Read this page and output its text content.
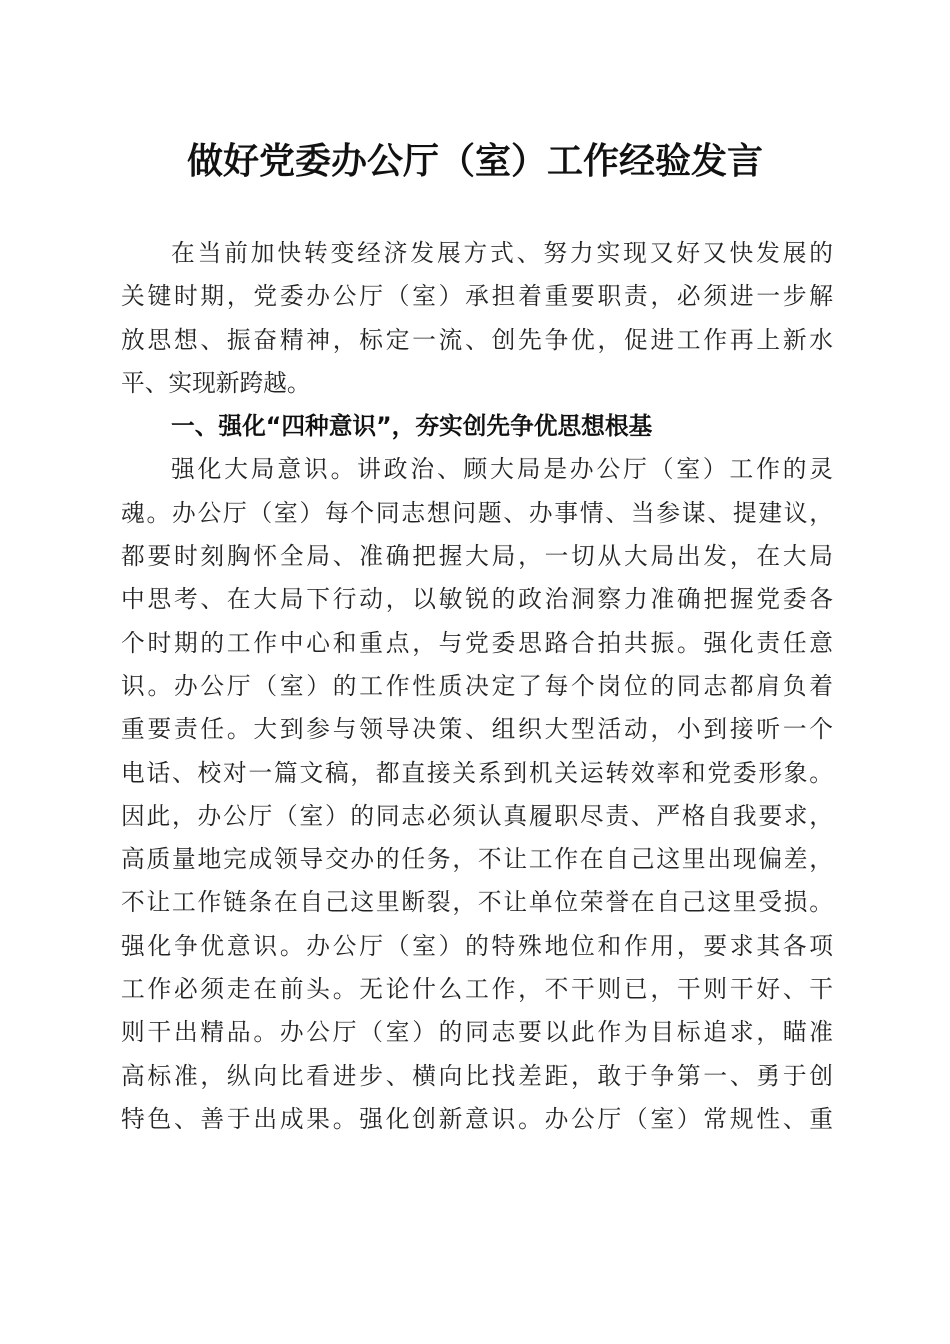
做好党委办公厅（室）工作经验发言
在当前加快转变经济发展方式、努力实现又好又快发展的
关键时期，党委办公厅（室）承担着重要职责，必须进一步解
放思想、振奋精神，标定一流、创先争优，促进工作再上新水
平、实现新跨越。
一、强化“四种意识”，夯实创先争优思想根基
强化大局意识。讲政治、顾大局是办公厅（室）工作的灵
魂。办公厅（室）每个同志想问题、办事情、当参谋、提建议，
都要时刻胸怀全局、准确把握大局，一切从大局出发，在大局
中思考、在大局下行动，以敏锐的政治洞察力准确把握党委各
个时期的工作中心和重点，与党委思路合拍共振。强化责任意
识。办公厅（室）的工作性质决定了每个岗位的同志都肩负着
重要责任。大到参与领导决策、组织大型活动，小到接听一个
电话、校对一篇文稿，都直接关系到机关运转效率和党委形象。
因此，办公厅（室）的同志必须认真履职尽责、严格自我要求，
高质量地完成领导交办的任务，不让工作在自己这里出现偏差，
不让工作链条在自己这里断裂，不让单位荣誉在自己这里受损。
强化争优意识。办公厅（室）的特殊地位和作用，要求其各项
工作必须走在前头。无论什么工作，不干则已，干则干好、干
则干出精品。办公厅（室）的同志要以此作为目标追求，瞄准
高标准，纵向比看进步、横向比找差距，敢于争第一、勇于创
特色、善于出成果。强化创新意识。办公厅（室）常规性、重
